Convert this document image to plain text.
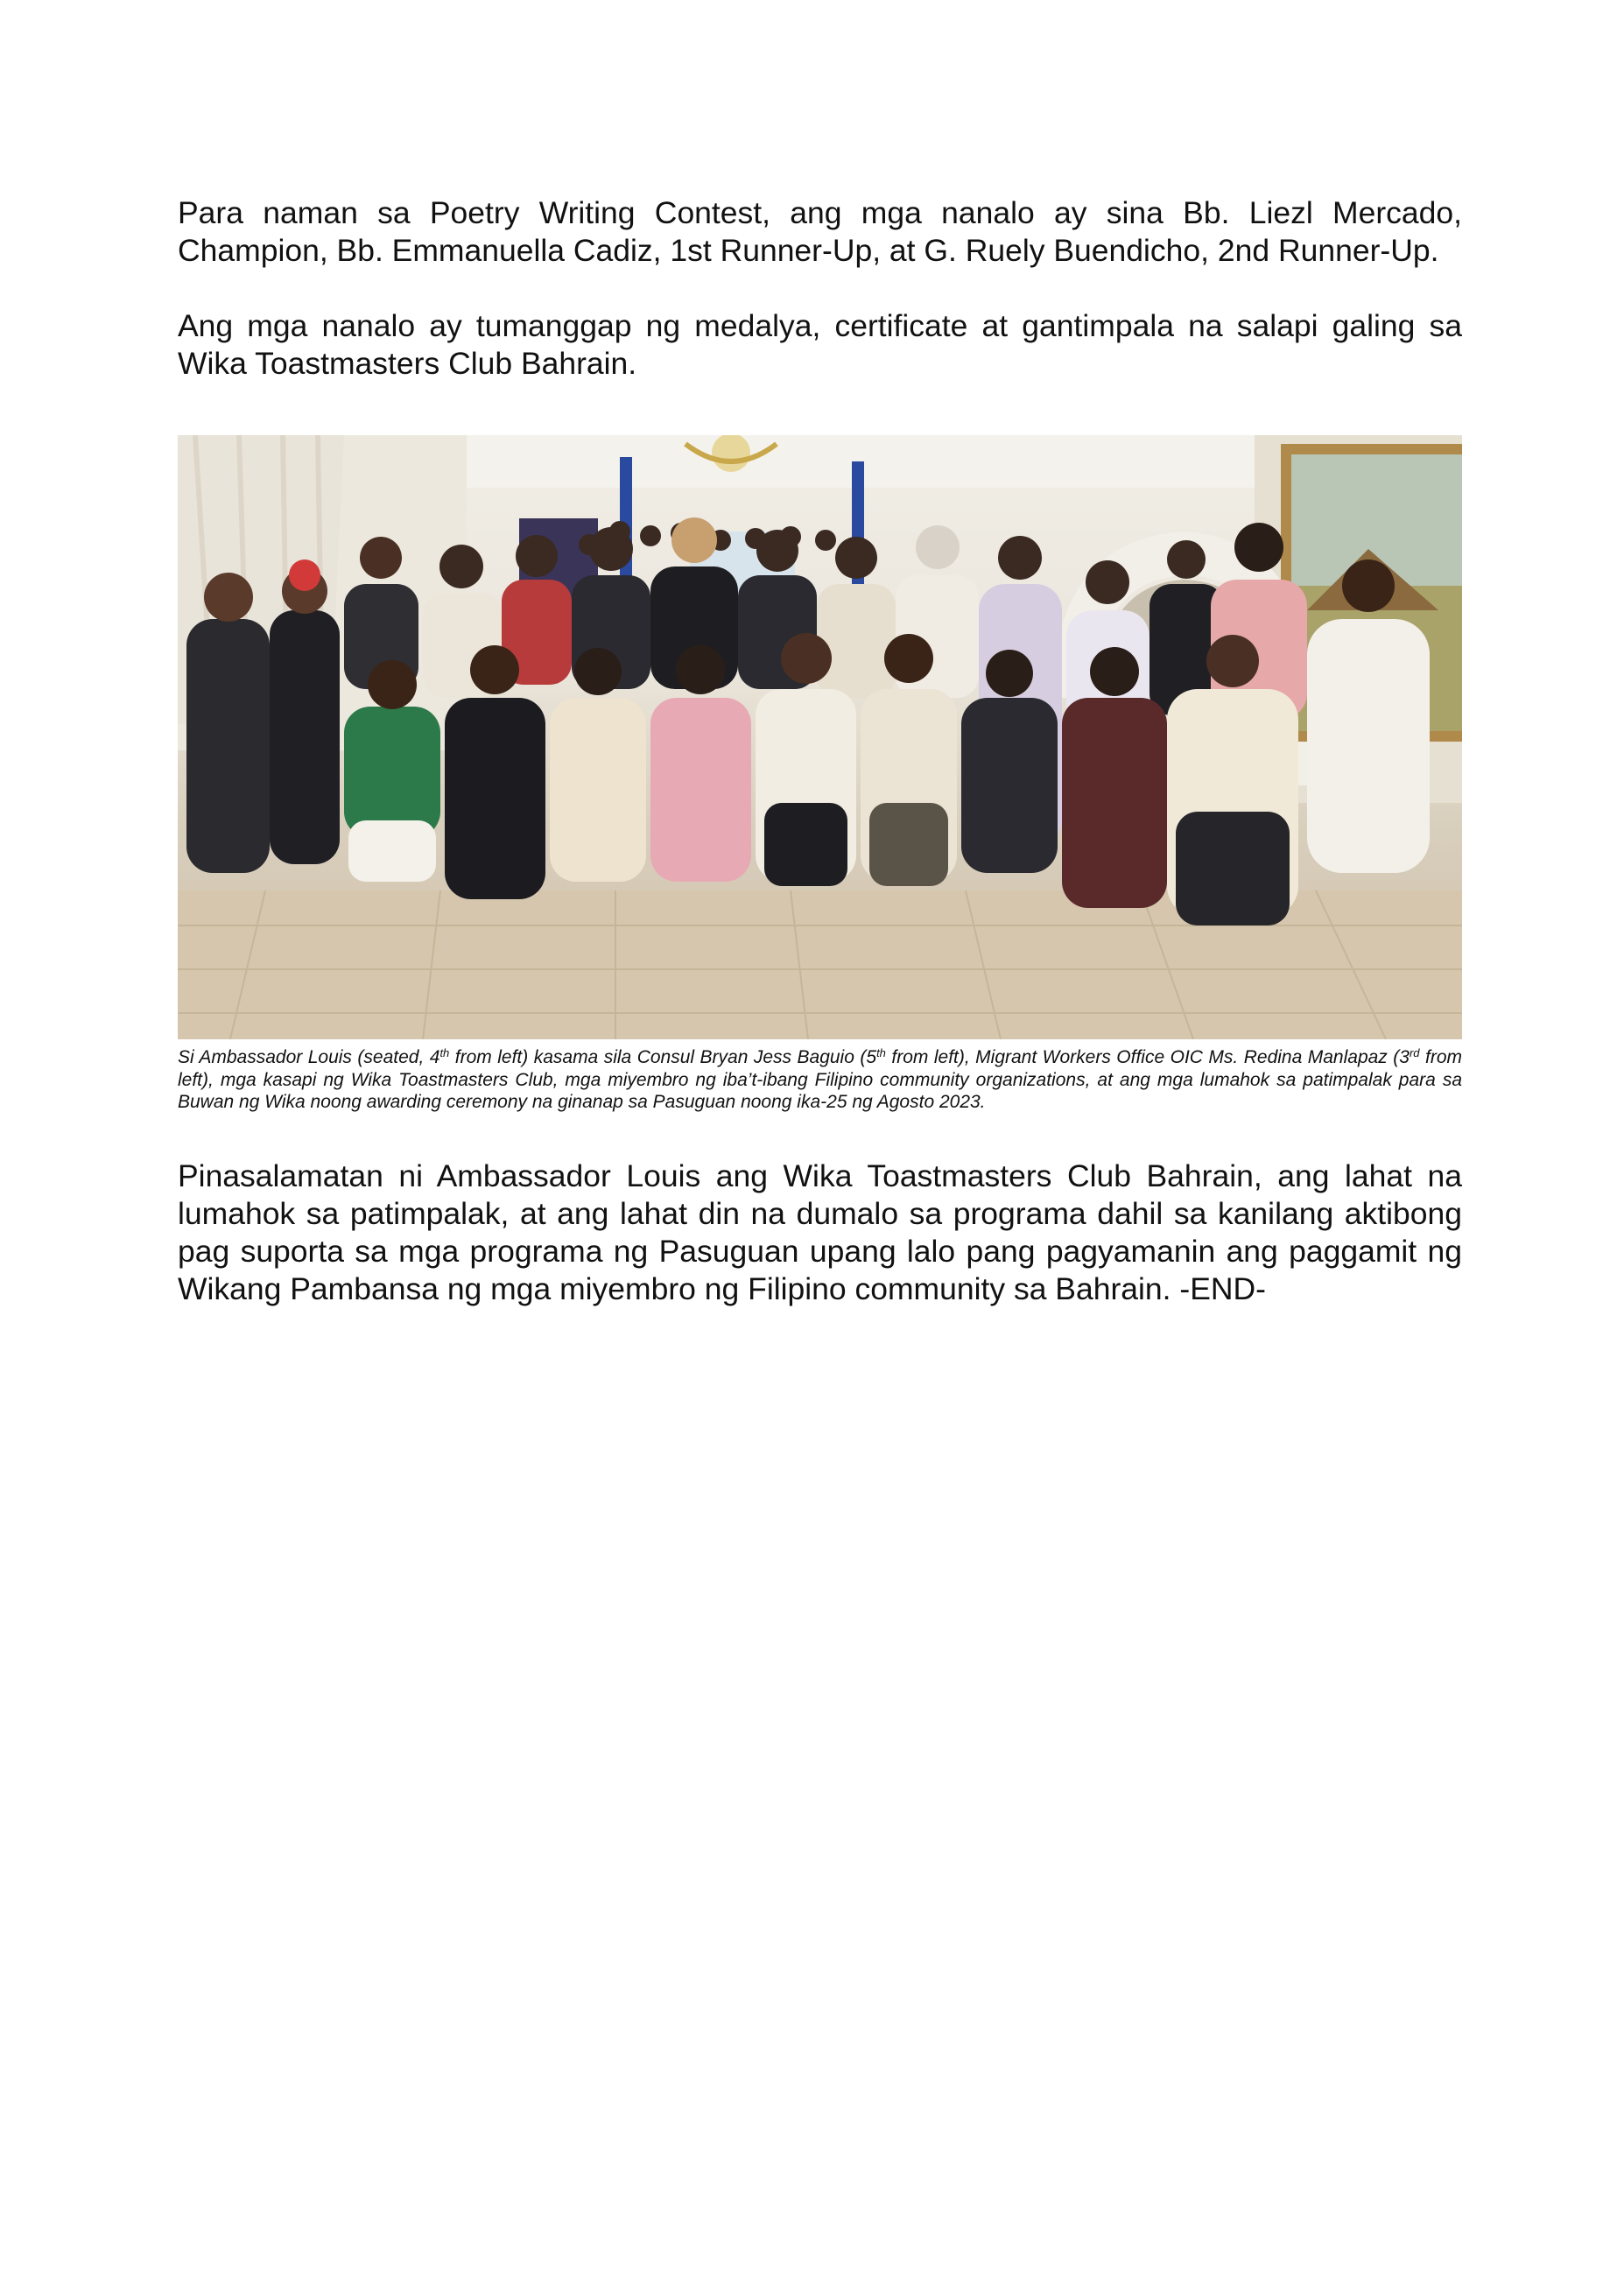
Para naman sa Poetry Writing Contest, ang mga nanalo ay sina Bb. Liezl Mercado, Champion, Bb. Emmanuella Cadiz, 1st Runner-Up, at G. Ruely Buendicho, 2nd Runner-Up.

Ang mga nanalo ay tumanggap ng medalya, certificate at gantimpala na salapi galing sa Wika Toastmasters Club Bahrain.

Si Ambassador Louis (seated, 4th from left) kasama sila Consul Bryan Jess Baguio (5th from left), Migrant Workers Office OIC Ms. Redina Manlapaz (3rd from left), mga kasapi ng Wika Toastmasters Club, mga miyembro ng iba’t-ibang Filipino community organizations, at ang mga lumahok sa patimpalak para sa Buwan ng Wika noong awarding ceremony na ginanap sa Pasuguan noong ika-25 ng Agosto 2023.

Pinasalamatan ni Ambassador Louis ang Wika Toastmasters Club Bahrain, ang lahat na lumahok sa patimpalak, at ang lahat din na dumalo sa programa dahil sa kanilang aktibong pag suporta sa mga programa ng Pasuguan upang lalo pang pagyamanin ang paggamit ng Wikang Pambansa ng mga miyembro ng Filipino community sa Bahrain. -END-
